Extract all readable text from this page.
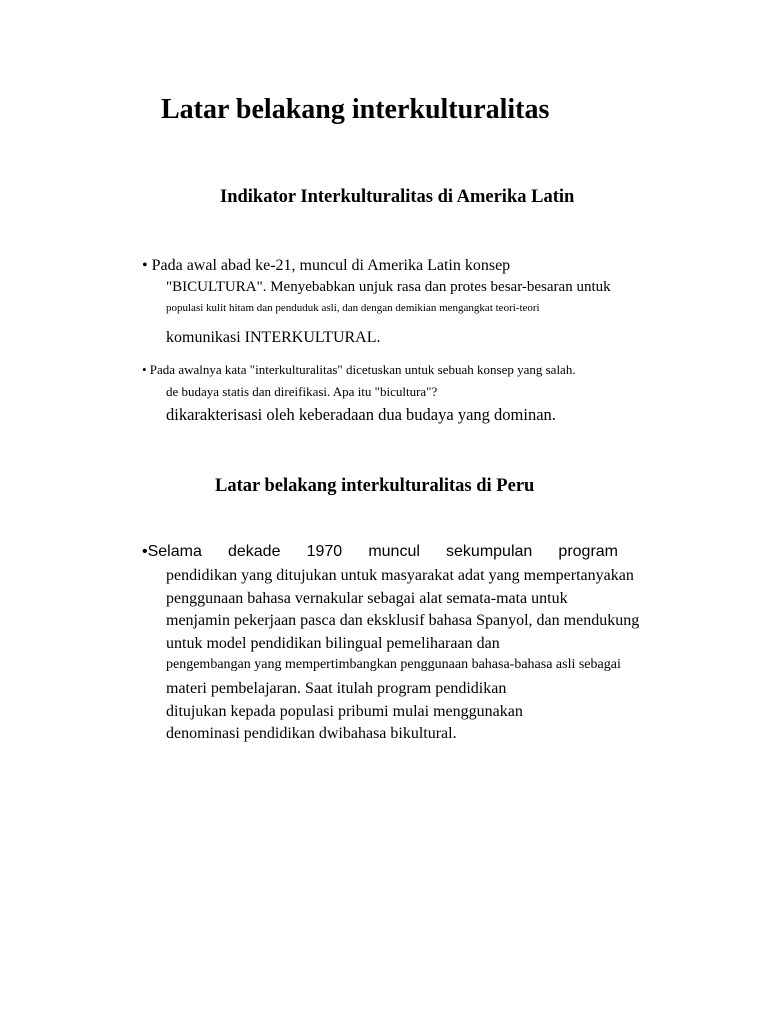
Latar belakang interkulturalitas
Indikator Interkulturalitas di Amerika Latin
• Pada awal abad ke-21, muncul di Amerika Latin konsep
"BICULTURA". Menyebabkan unjuk rasa dan protes besar-besaran untuk
populasi kulit hitam dan penduduk asli, dan dengan demikian mengangkat teori-teori
komunikasi INTERKULTURAL.
• Pada awalnya kata "interkulturalitas" dicetuskan untuk sebuah konsep yang salah.
de budaya statis dan direifikasi. Apa itu "bicultura"?
dikarakterisasi oleh keberadaan dua budaya yang dominan.
Latar belakang interkulturalitas di Peru
•Selama dekade 1970 muncul sekumpulan program
pendidikan yang ditujukan untuk masyarakat adat yang mempertanyakan
penggunaan bahasa vernakular sebagai alat semata-mata untuk
menjamin pekerjaan pasca dan eksklusif bahasa Spanyol, dan mendukung
untuk model pendidikan bilingual pemeliharaan dan
pengembangan yang mempertimbangkan penggunaan bahasa-bahasa asli sebagai
materi pembelajaran. Saat itulah program pendidikan
ditujukan kepada populasi pribumi mulai menggunakan
denominasi pendidikan dwibahasa bikultural.
